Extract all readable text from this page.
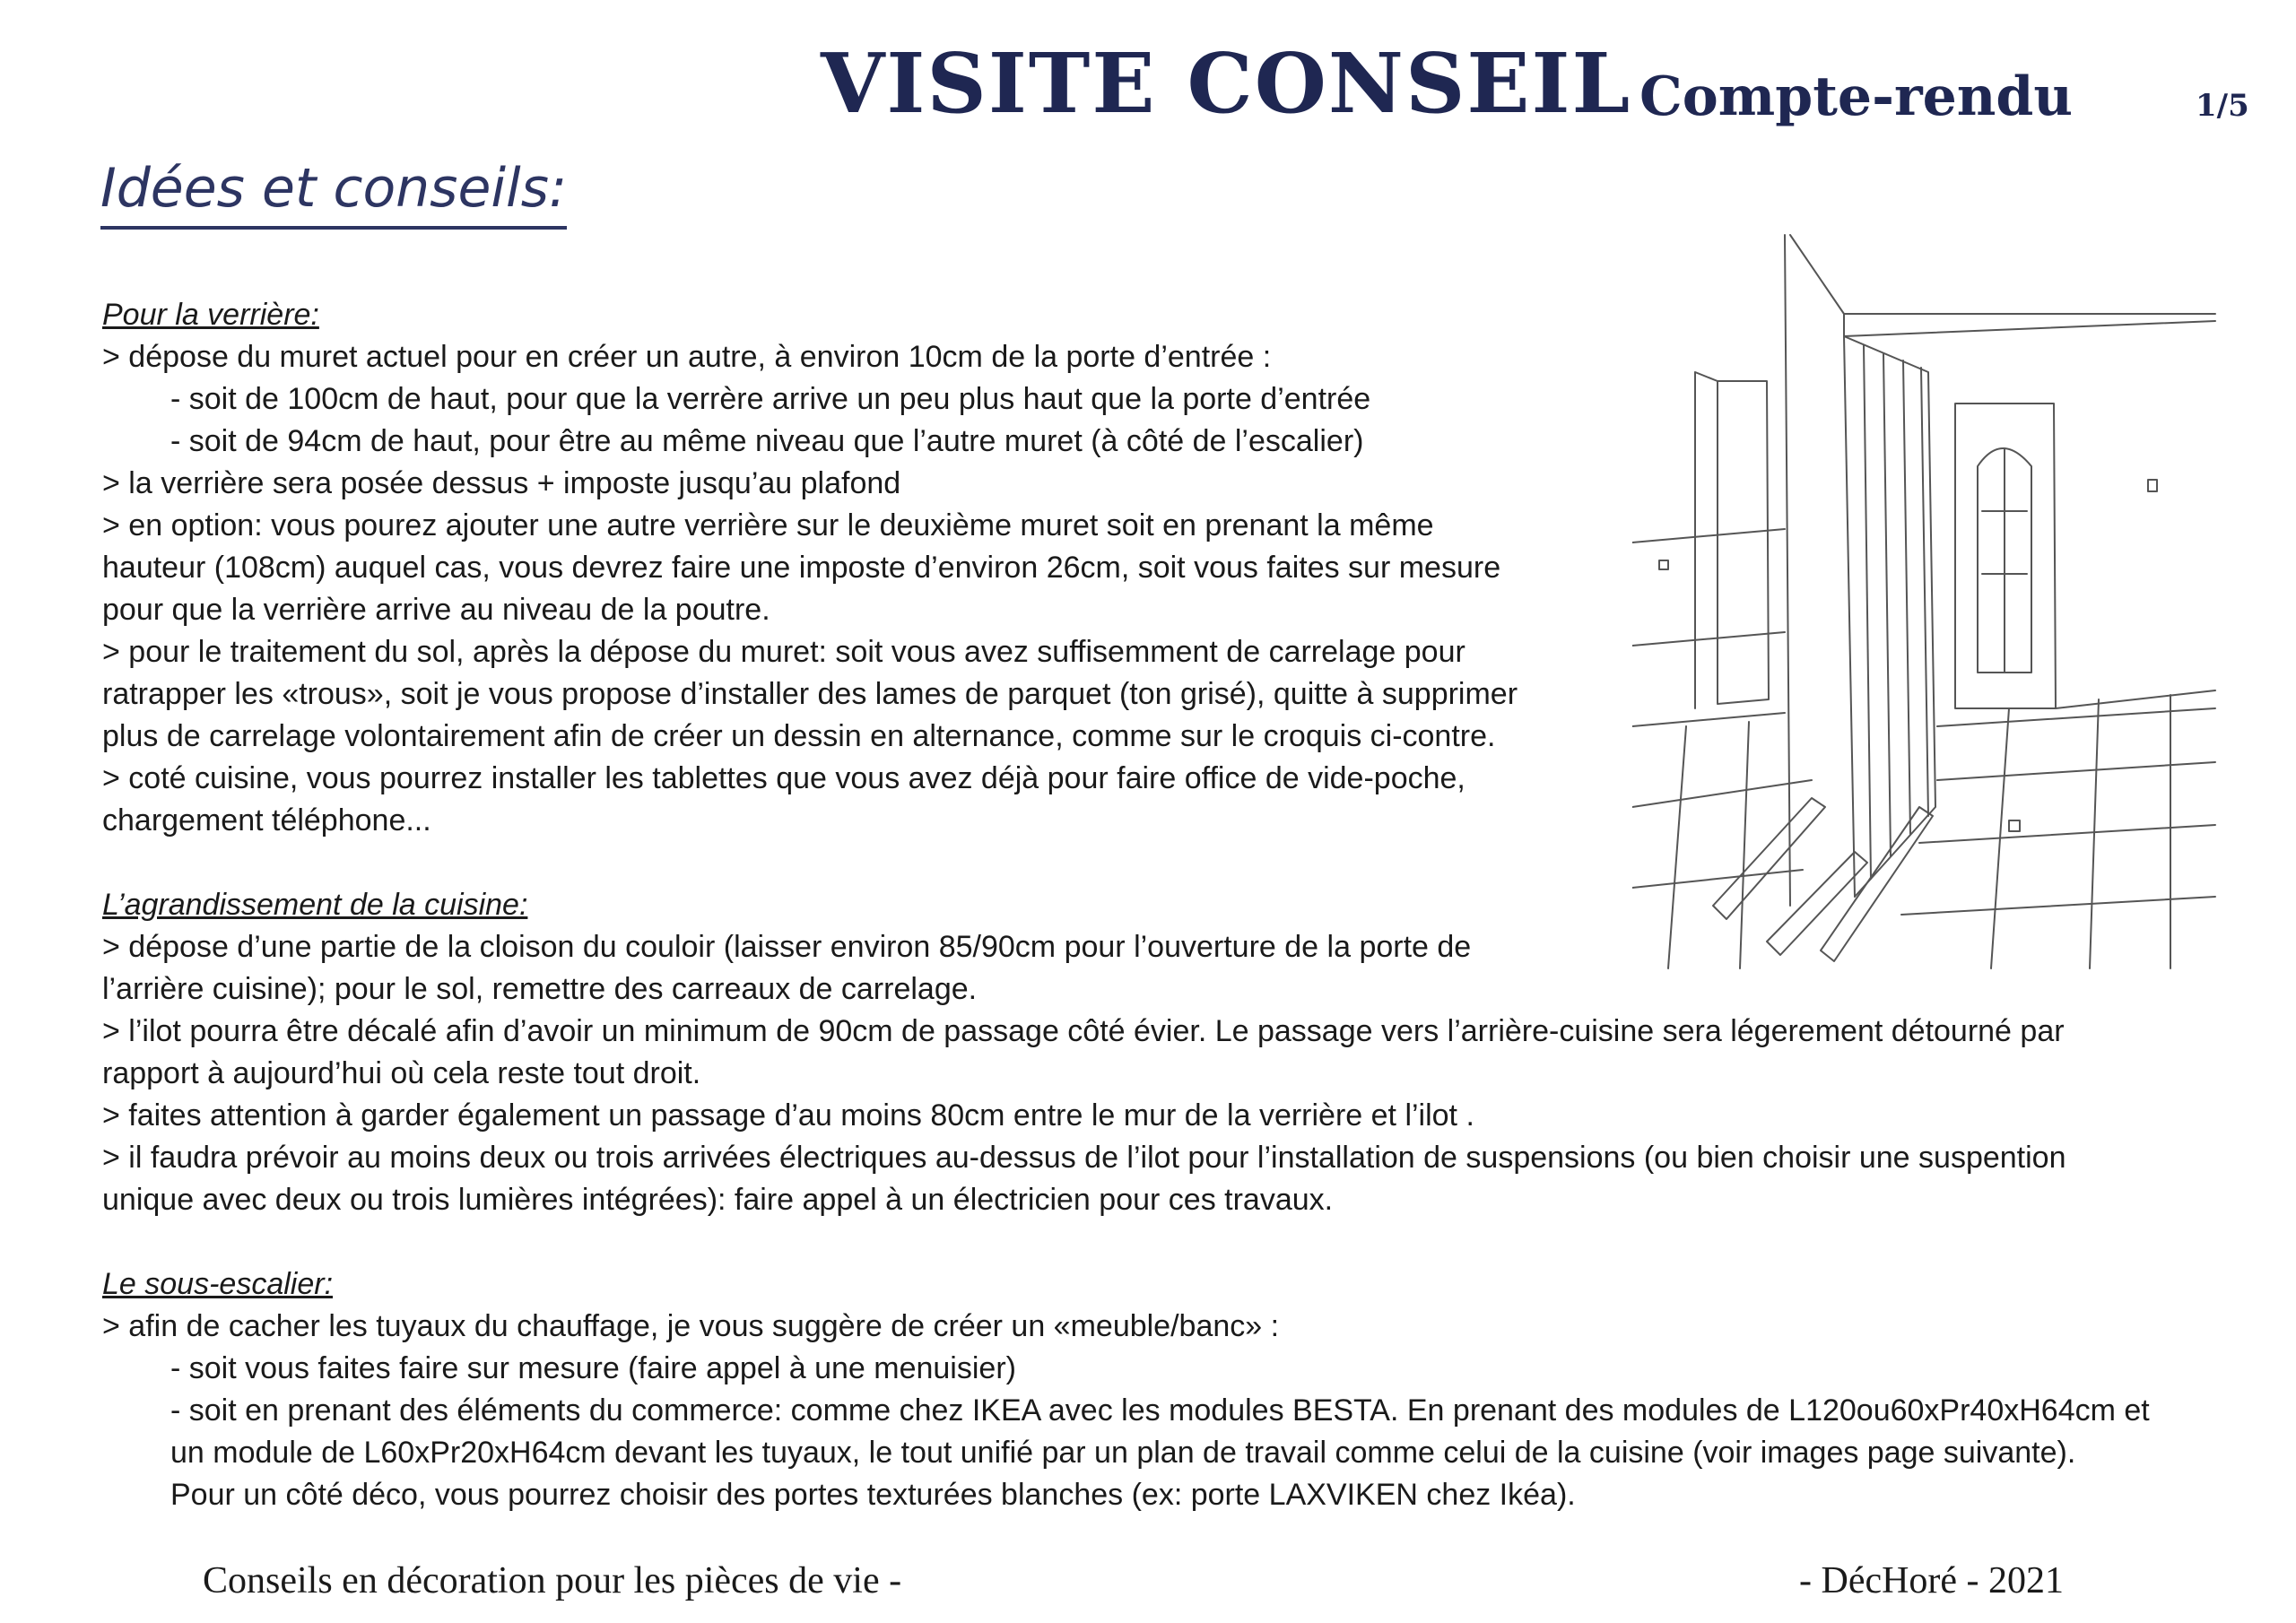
VISITE CONSEIL Compte-rendu	1/5
Idées et conseils:
Pour la verrière:
> dépose du muret actuel pour en créer un autre, à environ 10cm de la porte d’entrée :
- soit de 100cm de haut, pour que la verrère arrive un peu plus haut que la porte d’entrée
- soit de 94cm de haut, pour être au même niveau que l’autre muret (à côté de l’escalier)
> la verrière sera posée dessus + imposte jusqu’au plafond
> en option: vous pourez ajouter une autre verrière sur le deuxième muret soit en prenant la même
hauteur (108cm) auquel cas, vous devrez faire une imposte d’environ 26cm, soit vous faites sur mesure
pour que la verrière arrive au niveau de la poutre.
> pour le traitement du sol, après la dépose du muret: soit vous avez suffisemment de carrelage pour
ratrapper les «trous», soit je vous propose d’installer des lames de parquet (ton grisé), quitte à supprimer
plus de carrelage volontairement afin de créer un dessin en alternance, comme sur le croquis ci-contre.
> coté cuisine, vous pourrez installer les tablettes que vous avez déjà pour faire office de vide-poche,
chargement téléphone...
L’agrandissement de la cuisine:
> dépose d’une partie de la cloison du couloir (laisser environ 85/90cm pour l’ouverture de la porte de
l’arrière cuisine); pour le sol, remettre des carreaux de carrelage.
> l’ilot pourra être décalé afin d’avoir un minimum de 90cm de passage côté évier. Le passage vers l’arrière-cuisine sera légerement détourné par
rapport à aujourd’hui où cela reste tout droit.
> faites attention à garder également un passage d’au moins 80cm entre le mur de la verrière et l’ilot .
> il faudra prévoir au moins deux ou trois arrivées électriques au-dessus de l’ilot pour l’installation de suspensions (ou bien choisir une suspention
unique avec deux ou trois lumières intégrées): faire appel à un électricien pour ces travaux.
Le sous-escalier:
> afin de cacher les tuyaux du chauffage, je vous suggère de créer un «meuble/banc» :
- soit vous faites faire sur mesure (faire appel à une menuisier)
- soit en prenant des éléments du commerce: comme chez IKEA avec les modules BESTA. En prenant des modules de L120ou60xPr40xH64cm et
un module de L60xPr20xH64cm devant les tuyaux, le tout unifié par un plan de travail comme celui de la cuisine (voir images page suivante).
Pour un côté déco, vous pourrez choisir des portes texturées blanches (ex: porte LAXVIKEN chez Ikéa).
Conseils en décoration pour les pièces de vie -	- DécHoré - 2021
